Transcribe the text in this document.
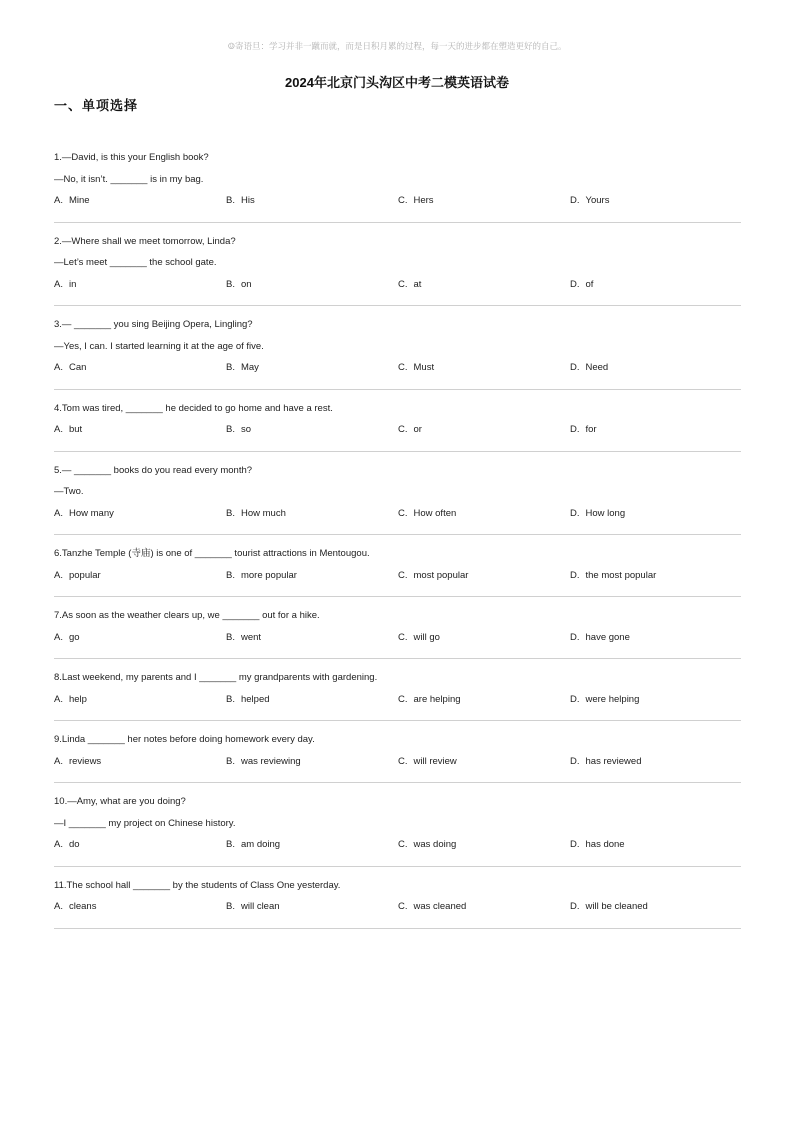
☺寄语旦：学习并非一蹴而就，而是日积月累的过程，每一天的进步都在塑造更好的自己。
2024年北京门头沟区中考二模英语试卷
一、单项选择
1.—David, is this your English book?
—No, it isn’t. _______ is in my bag.
A. Mine	B. His	C. Hers	D. Yours
2.—Where shall we meet tomorrow, Linda?
—Let’s meet _______ the school gate.
A. in	B. on	C. at	D. of
3.— _______ you sing Beijing Opera, Lingling?
—Yes, I can. I started learning it at the age of five.
A. Can	B. May	C. Must	D. Need
4.Tom was tired, _______ he decided to go home and have a rest.
A. but	B. so	C. or	D. for
5.— _______ books do you read every month?
—Two.
A. How many	B. How much	C. How often	D. How long
6.Tanzhe Temple (寺庙) is one of _______ tourist attractions in Mentougou.
A. popular	B. more popular	C. most popular	D. the most popular
7.As soon as the weather clears up, we _______ out for a hike.
A. go	B. went	C. will go	D. have gone
8.Last weekend, my parents and I _______ my grandparents with gardening.
A. help	B. helped	C. are helping	D. were helping
9.Linda _______ her notes before doing homework every day.
A. reviews	B. was reviewing	C. will review	D. has reviewed
10.—Amy, what are you doing?
—I _______ my project on Chinese history.
A. do	B. am doing	C. was doing	D. has done
11.The school hall _______ by the students of Class One yesterday.
A. cleans	B. will clean	C. was cleaned	D. will be cleaned
